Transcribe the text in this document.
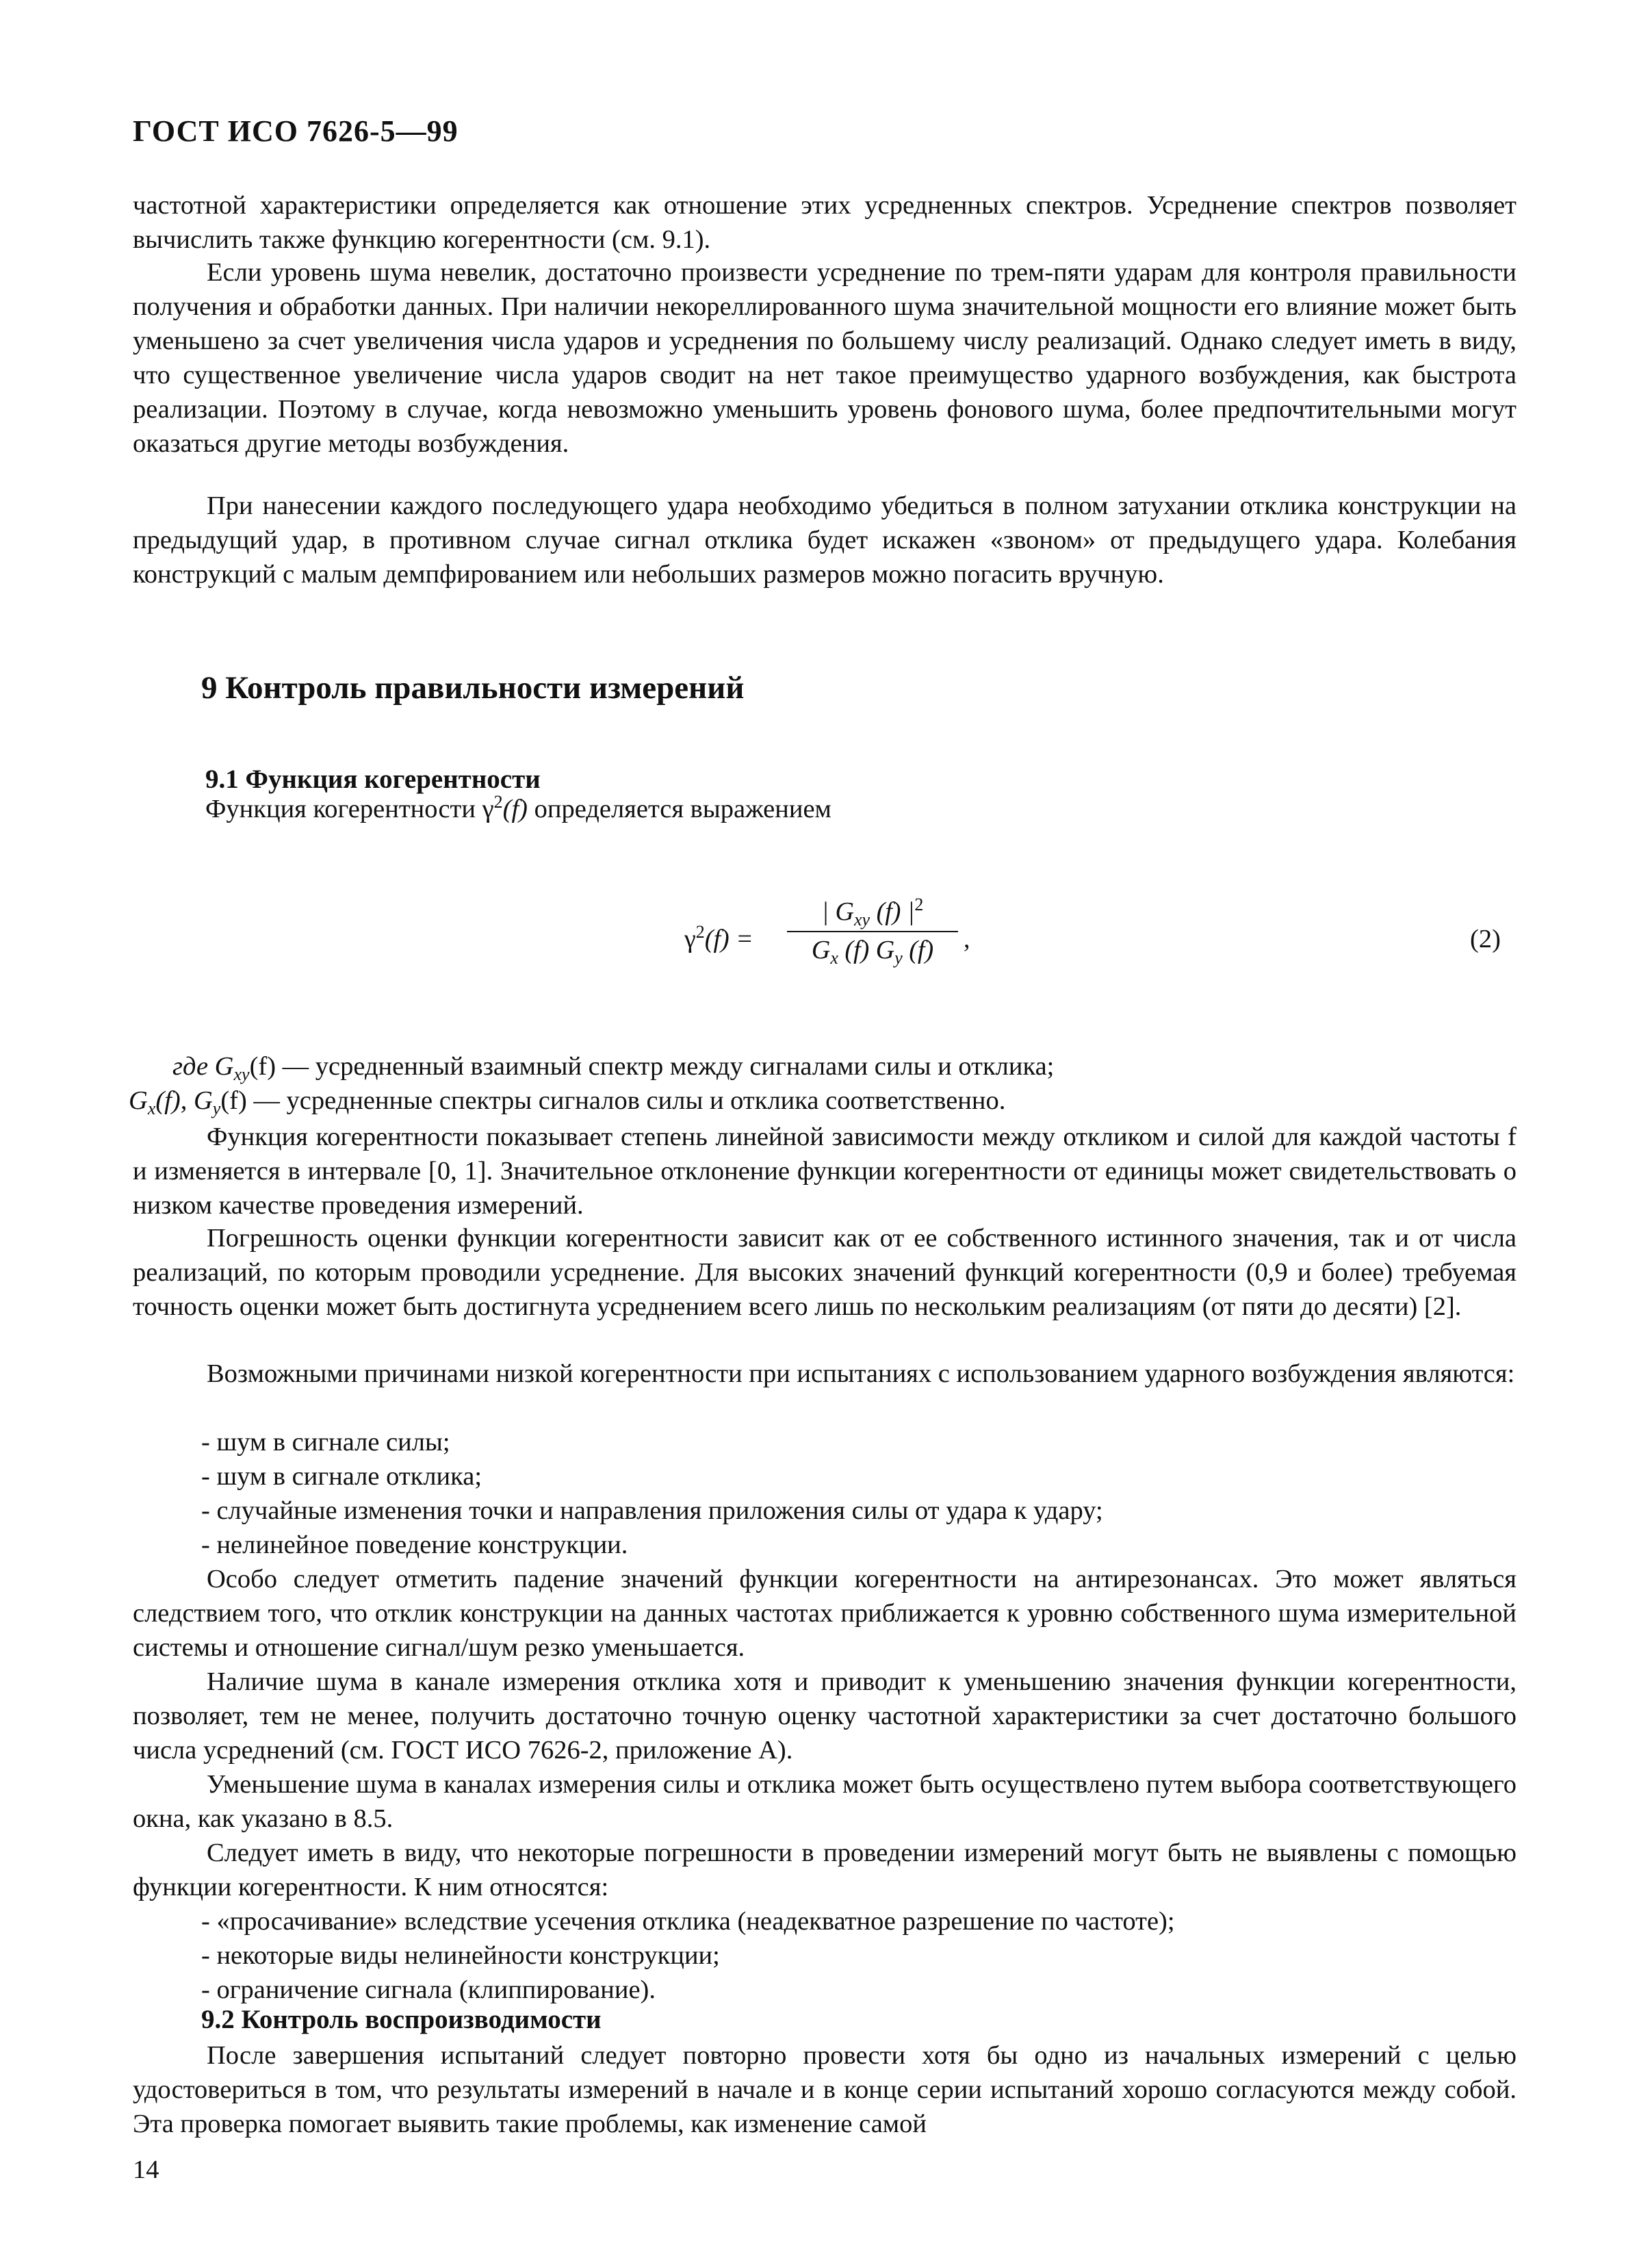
ГОСТ ИСО 7626-5—99

частотной характеристики определяется как отношение этих усредненных спектров. Усреднение спектров позволяет вычислить также функцию когерентности (см. 9.1).

Если уровень шума невелик, достаточно произвести усреднение по трем-пяти ударам для контроля правильности получения и обработки данных. При наличии некореллированного шума значительной мощности его влияние может быть уменьшено за счет увеличения числа ударов и усреднения по большему числу реализаций. Однако следует иметь в виду, что существенное увеличение числа ударов сводит на нет такое преимущество ударного возбуждения, как быстрота реализации. Поэтому в случае, когда невозможно уменьшить уровень фонового шума, более предпочтительными могут оказаться другие методы возбуждения.

При нанесении каждого последующего удара необходимо убедиться в полном затухании отклика конструкции на предыдущий удар, в противном случае сигнал отклика будет искажен «звоном» от предыдущего удара. Колебания конструкций с малым демпфированием или небольших размеров можно погасить вручную.

9 Контроль правильности измерений
9.1 Функция когерентности

Функция когерентности $\gamma^2(f)$ определяется выражением

$\gamma^2(f)$ =
| $G_{xy}$ (f) $|^2$
$G_x$ (f) $G_y$ (f)	,	(2)

где $G_{xy}(f)$ — усредненный взаимный спектр между сигналами силы и отклика;

$G_x(f)$, $G_y(f)$ — усредненные спектры сигналов силы и отклика соответственно.

Функция когерентности показывает степень линейной зависимости между откликом и силой для каждой частоты f и изменяется в интервале [0, 1]. Значительное отклонение функции когерентности от единицы может свидетельствовать о низком качестве проведения измерений.

Погрешность оценки функции когерентности зависит как от ее собственного истинного значения, так и от числа реализаций, по которым проводили усреднение. Для высоких значений функций когерентности (0,9 и более) требуемая точность оценки может быть достигнута усреднением всего лишь по нескольким реализациям (от пяти до десяти) [2].

Возможными причинами низкой когерентности при испытаниях с использованием ударного возбуждения являются:

- шум в сигнале силы;
- шум в сигнале отклика;
- случайные изменения точки и направления приложения силы от удара к удару;
- нелинейное поведение конструкции.

Особо следует отметить падение значений функции когерентности на антирезонансах. Это может являться следствием того, что отклик конструкции на данных частотах приближается к уровню собственного шума измерительной системы и отношение сигнал/шум резко уменьшается.

Наличие шума в канале измерения отклика хотя и приводит к уменьшению значения функции когерентности, позволяет, тем не менее, получить достаточно точную оценку частотной характеристики за счет достаточно большого числа усреднений (см. ГОСТ ИСО 7626-2, приложение А).

Уменьшение шума в каналах измерения силы и отклика может быть осуществлено путем выбора соответствующего окна, как указано в 8.5.

Следует иметь в виду, что некоторые погрешности в проведении измерений могут быть не выявлены с помощью функции когерентности. К ним относятся:

- «просачивание» вследствие усечения отклика (неадекватное разрешение по частоте);
- некоторые виды нелинейности конструкции;
- ограничение сигнала (клиппирование).
9.2 Контроль воспроизводимости

После завершения испытаний следует повторно провести хотя бы одно из начальных измерений с целью удостовериться в том, что результаты измерений в начале и в конце серии испытаний хорошо согласуются между собой. Эта проверка помогает выявить такие проблемы, как изменение самой

14
